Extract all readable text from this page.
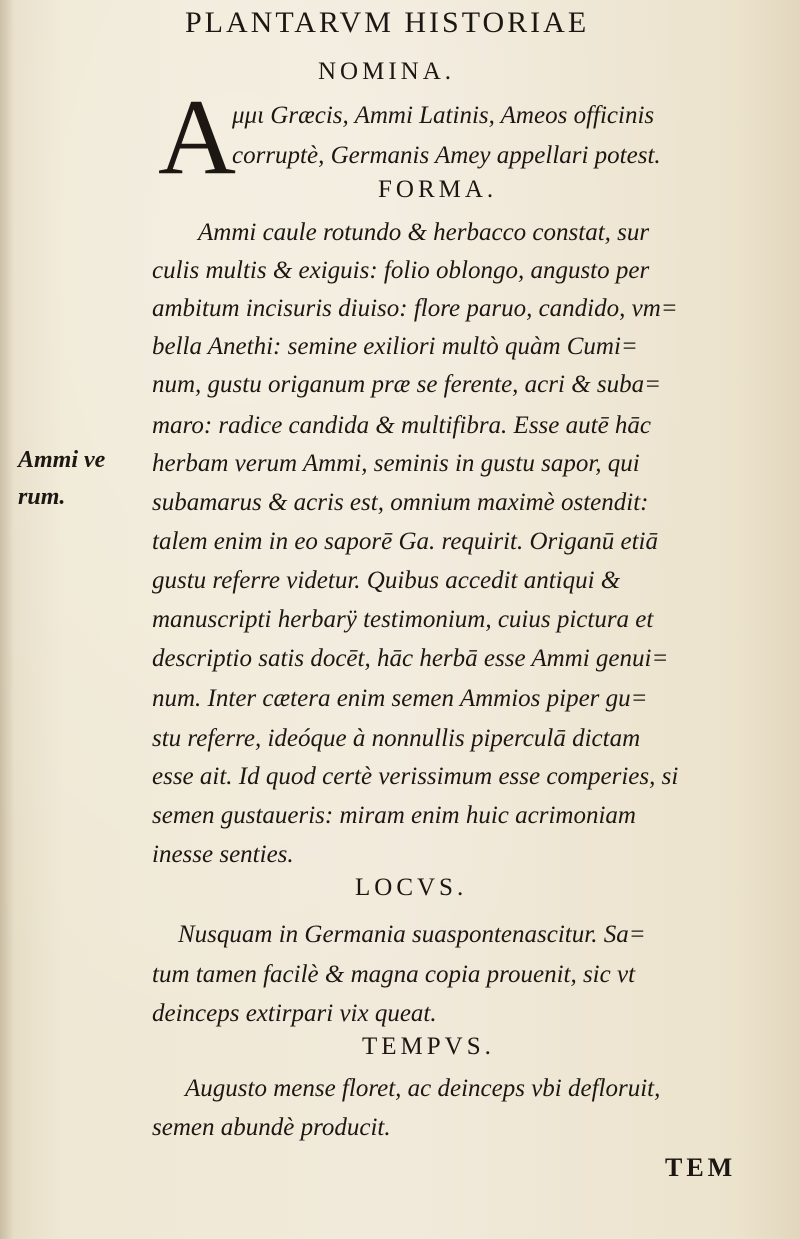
PLANTARVM HISTORIAE
NOMINA.
A
μμι Græcis, Ammi Latinis, Ameos officinis
corruptè, Germanis Amey appellari potest.
FORMA.
Ammi caule rotundo & herbacco constat, sur
culis multis & exiguis: folio oblongo, angusto per
ambitum incisuris diuiso: flore paruo, candido, vm=
bella Anethi: semine exiliori multò quàm Cumi=
num, gustu origanum præ se ferente, acri & suba=
maro: radice candida & multifibra. Esse autē hāc
herbam verum Ammi, seminis in gustu sapor, qui
subamarus & acris est, omnium maximè ostendit:
talem enim in eo saporē Ga. requirit. Origanū etiā
gustu referre videtur. Quibus accedit antiqui &
manuscripti herbarÿ testimonium, cuius pictura et
descriptio satis docēt, hāc herbā esse Ammi genui=
num. Inter cætera enim semen Ammios piper gu=
stu referre, ideóque à nonnullis piperculā dictam
esse ait. Id quod certè verissimum esse comperies, si
semen gustaueris: miram enim huic acrimoniam
inesse senties.
Ammi ve
rum.
LOCVS.
Nusquam in Germania suaspontenascitur. Sa=
tum tamen facilè & magna copia prouenit, sic vt
deinceps extirpari vix queat.
TEMPVS.
Augusto mense floret, ac deinceps vbi defloruit,
semen abundè producit.
TEM
